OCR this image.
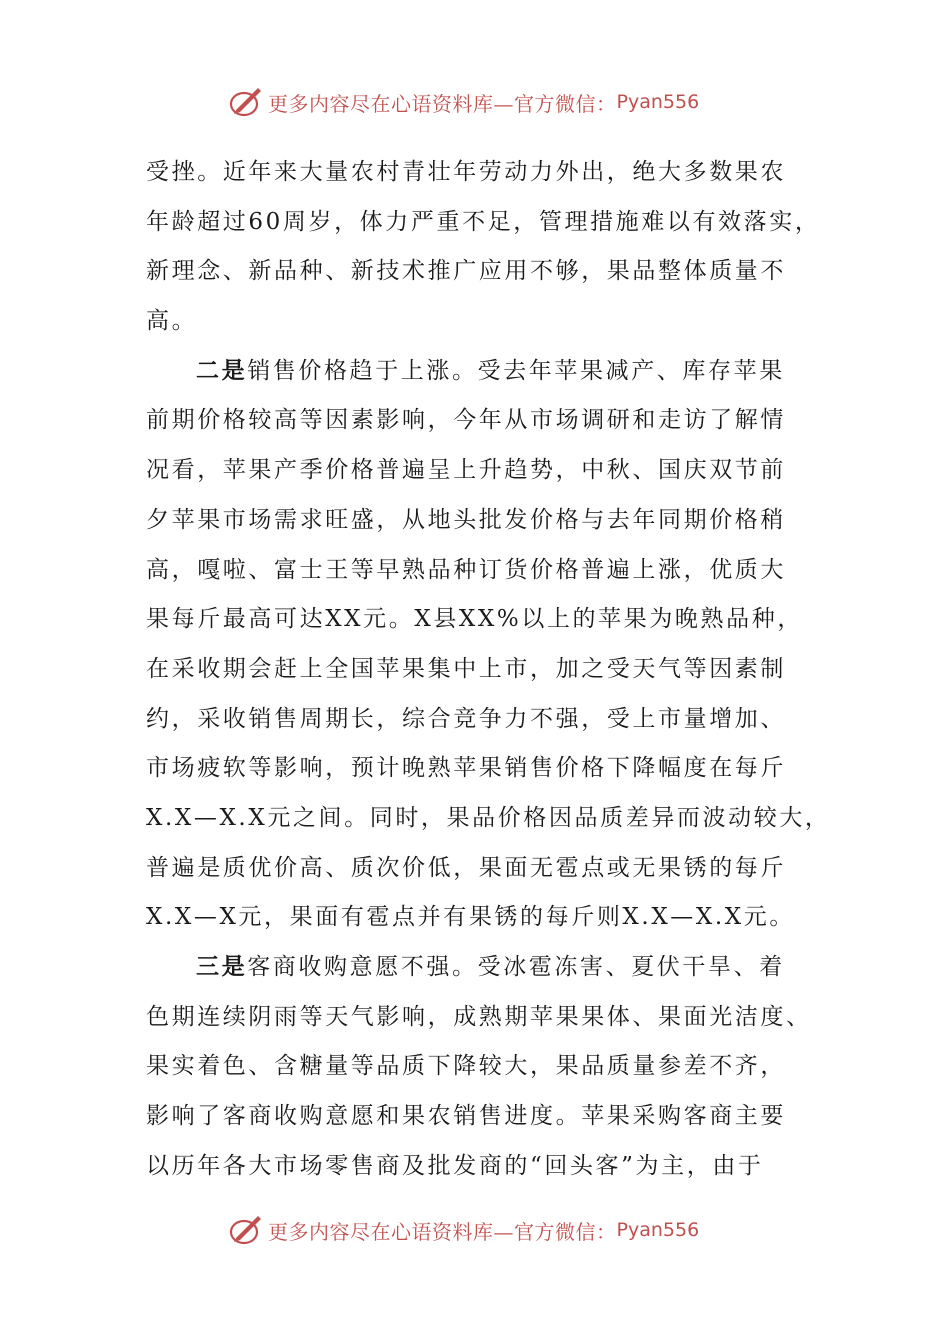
更多内容尽在心语资料库—官方微信： Pyan556
受挫。近年来大量农村青壮年劳动力外出，绝大多数果农
年龄超过60周岁，体力严重不足，管理措施难以有效落实，
新理念、新品种、新技术推广应用不够，果品整体质量不
高。
二是销售价格趋于上涨。受去年苹果减产、库存苹果
前期价格较高等因素影响，今年从市场调研和走访了解情
况看，苹果产季价格普遍呈上升趋势，中秋、国庆双节前
夕苹果市场需求旺盛，从地头批发价格与去年同期价格稍
高，嘎啦、富士王等早熟品种订货价格普遍上涨，优质大
果每斤最高可达XX元。X县XX%以上的苹果为晚熟品种，
在采收期会赶上全国苹果集中上市，加之受天气等因素制
约，采收销售周期长，综合竞争力不强，受上市量增加、
市场疲软等影响，预计晚熟苹果销售价格下降幅度在每斤
X.X—X.X元之间。同时，果品价格因品质差异而波动较大，
普遍是质优价高、质次价低，果面无雹点或无果锈的每斤
X.X—X元，果面有雹点并有果锈的每斤则X.X—X.X元。
三是客商收购意愿不强。受冰雹冻害、夏伏干旱、着
色期连续阴雨等天气影响，成熟期苹果果体、果面光洁度、
果实着色、含糖量等品质下降较大，果品质量参差不齐，
影响了客商收购意愿和果农销售进度。苹果采购客商主要
以历年各大市场零售商及批发商的“回头客”为主，由于
更多内容尽在心语资料库—官方微信： Pyan556
